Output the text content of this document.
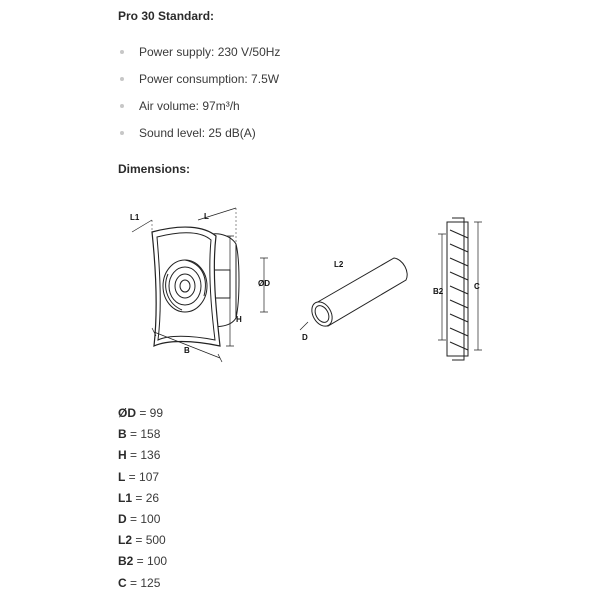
Pro 30 Standard:
Power supply: 230 V/50Hz
Power consumption: 7.5W
Air volume: 97m³/h
Sound level: 25 dB(A)
Dimensions:
L1	L
ØD
H
B
L2
D
B2
C
ØD = 99
B = 158
H = 136
L = 107
L1 = 26
D = 100
L2 = 500
B2 = 100
C = 125
